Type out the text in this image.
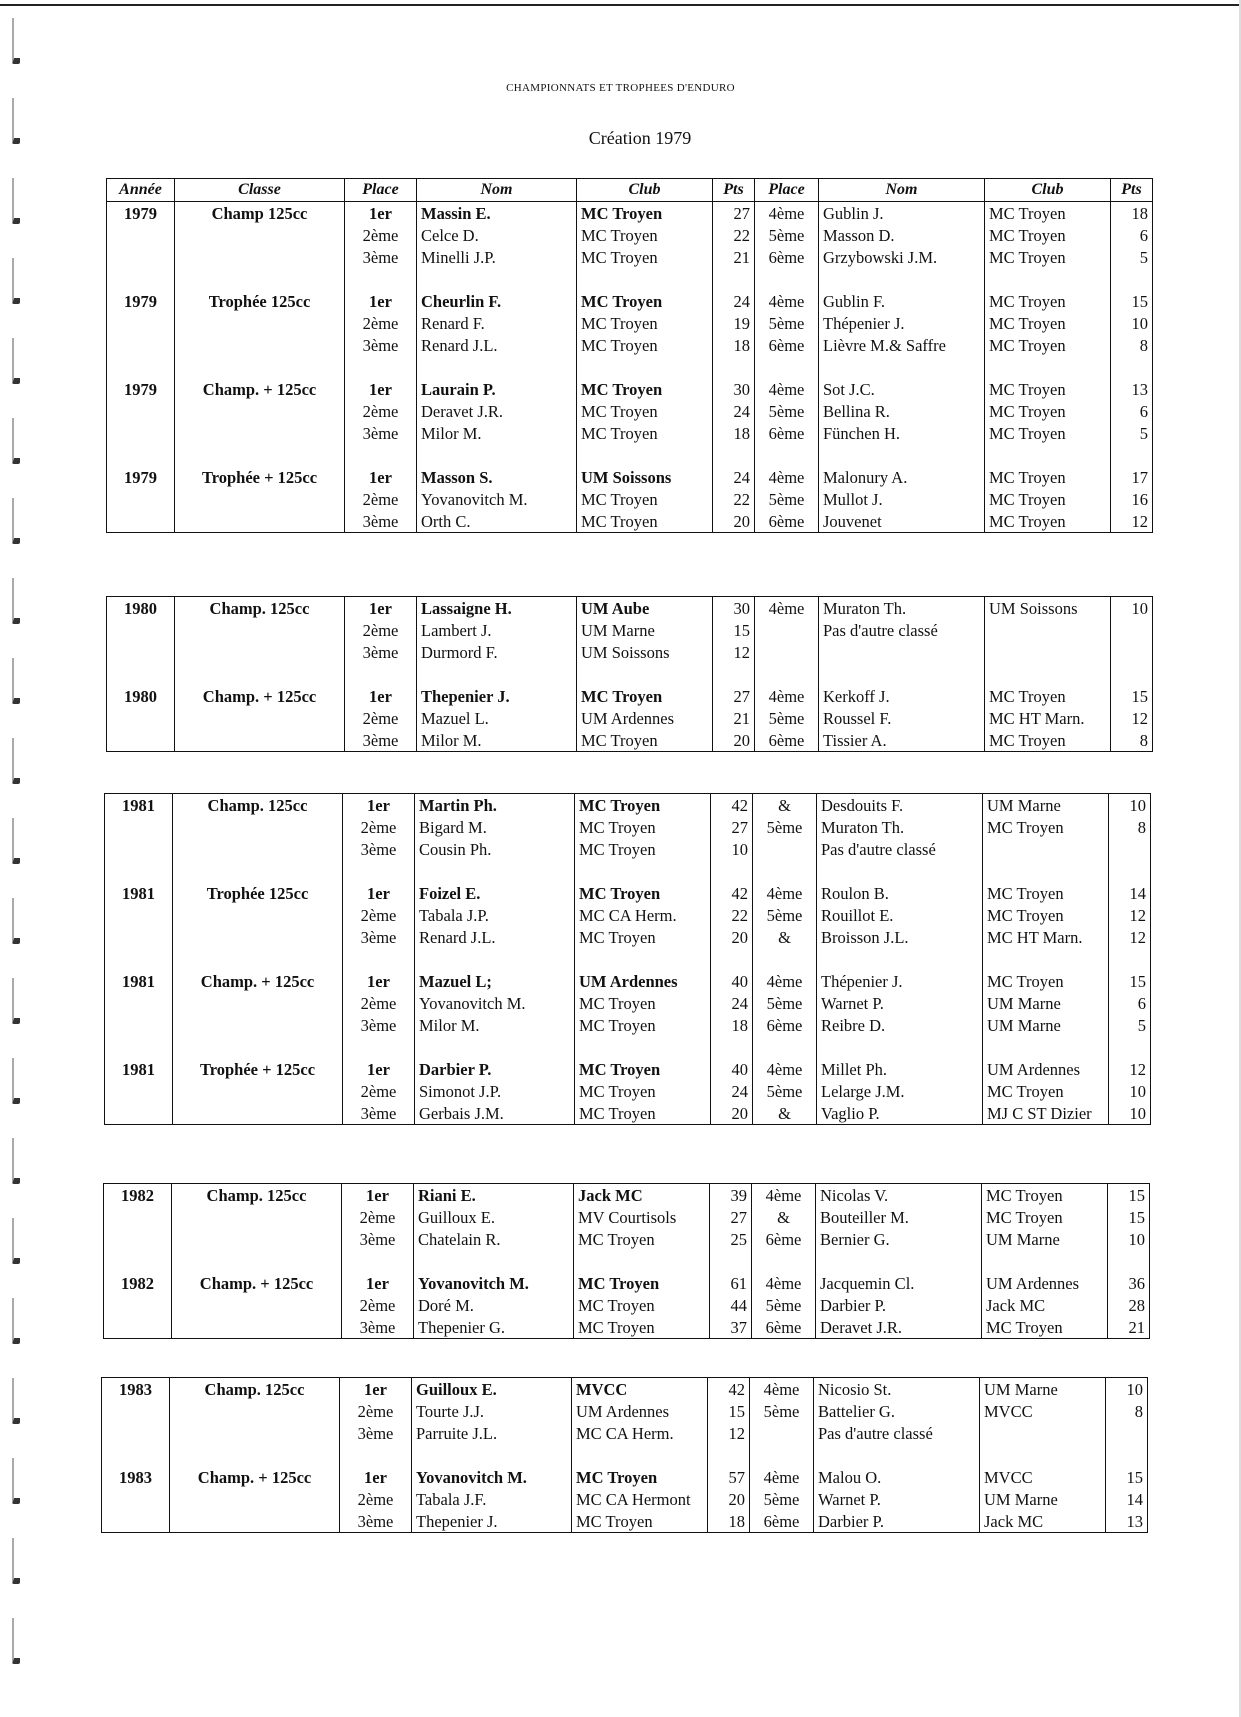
CHAMPIONNATS ET TROPHEES D'ENDURO
Création 1979
Année	Classe	Place	Nom	Club	Pts	Place	Nom	Club	Pts
1979	Champ 125cc	1er	Massin E.	MC Troyen	27	4ème	Gublin J.	MC Troyen	18
		2ème	Celce D.	MC Troyen	22	5ème	Masson D.	MC Troyen	6
		3ème	Minelli J.P.	MC Troyen	21	6ème	Grzybowski J.M.	MC Troyen	5

1979	Trophée 125cc	1er	Cheurlin F.	MC Troyen	24	4ème	Gublin F.	MC Troyen	15
		2ème	Renard F.	MC Troyen	19	5ème	Thépenier J.	MC Troyen	10
		3ème	Renard J.L.	MC Troyen	18	6ème	Lièvre M.& Saffre	MC Troyen	8

1979	Champ. + 125cc	1er	Laurain P.	MC Troyen	30	4ème	Sot J.C.	MC Troyen	13
		2ème	Deravet J.R.	MC Troyen	24	5ème	Bellina R.	MC Troyen	6
		3ème	Milor M.	MC Troyen	18	6ème	Fünchen H.	MC Troyen	5

1979	Trophée + 125cc	1er	Masson S.	UM Soissons	24	4ème	Malonury A.	MC Troyen	17
		2ème	Yovanovitch M.	MC Troyen	22	5ème	Mullot J.	MC Troyen	16
		3ème	Orth C.	MC Troyen	20	6ème	Jouvenet	MC Troyen	12
1980	Champ. 125cc	1er	Lassaigne H.	UM Aube	30	4ème	Muraton Th.	UM Soissons	10
		2ème	Lambert J.	UM Marne	15		Pas d'autre classé		
		3ème	Durmord F.	UM Soissons	12				

1980	Champ. + 125cc	1er	Thepenier J.	MC Troyen	27	4ème	Kerkoff J.	MC Troyen	15
		2ème	Mazuel L.	UM Ardennes	21	5ème	Roussel F.	MC HT Marn.	12
		3ème	Milor M.	MC Troyen	20	6ème	Tissier A.	MC Troyen	8
1981	Champ. 125cc	1er	Martin Ph.	MC Troyen	42	&	Desdouits F.	UM Marne	10
		2ème	Bigard M.	MC Troyen	27	5ème	Muraton Th.	MC Troyen	8
		3ème	Cousin Ph.	MC Troyen	10		Pas d'autre classé		

1981	Trophée 125cc	1er	Foizel E.	MC Troyen	42	4ème	Roulon B.	MC Troyen	14
		2ème	Tabala J.P.	MC CA Herm.	22	5ème	Rouillot E.	MC Troyen	12
		3ème	Renard J.L.	MC Troyen	20	&	Broisson J.L.	MC HT Marn.	12

1981	Champ. + 125cc	1er	Mazuel L;	UM Ardennes	40	4ème	Thépenier J.	MC Troyen	15
		2ème	Yovanovitch M.	MC Troyen	24	5ème	Warnet P.	UM Marne	6
		3ème	Milor M.	MC Troyen	18	6ème	Reibre D.	UM Marne	5

1981	Trophée + 125cc	1er	Darbier P.	MC Troyen	40	4ème	Millet Ph.	UM Ardennes	12
		2ème	Simonot J.P.	MC Troyen	24	5ème	Lelarge J.M.	MC Troyen	10
		3ème	Gerbais J.M.	MC Troyen	20	&	Vaglio P.	MJ C ST Dizier	10
1982	Champ. 125cc	1er	Riani E.	Jack MC	39	4ème	Nicolas V.	MC Troyen	15
		2ème	Guilloux E.	MV Courtisols	27	&	Bouteiller M.	MC Troyen	15
		3ème	Chatelain R.	MC Troyen	25	6ème	Bernier G.	UM Marne	10

1982	Champ. + 125cc	1er	Yovanovitch M.	MC Troyen	61	4ème	Jacquemin Cl.	UM Ardennes	36
		2ème	Doré M.	MC Troyen	44	5ème	Darbier P.	Jack MC	28
		3ème	Thepenier G.	MC Troyen	37	6ème	Deravet J.R.	MC Troyen	21
1983	Champ. 125cc	1er	Guilloux E.	MVCC	42	4ème	Nicosio St.	UM Marne	10
		2ème	Tourte J.J.	UM Ardennes	15	5ème	Battelier G.	MVCC	8
		3ème	Parruite J.L.	MC CA Herm.	12		Pas d'autre classé		

1983	Champ. + 125cc	1er	Yovanovitch M.	MC Troyen	57	4ème	Malou O.	MVCC	15
		2ème	Tabala J.F.	MC CA Hermont	20	5ème	Warnet P.	UM Marne	14
		3ème	Thepenier J.	MC Troyen	18	6ème	Darbier P.	Jack MC	13
